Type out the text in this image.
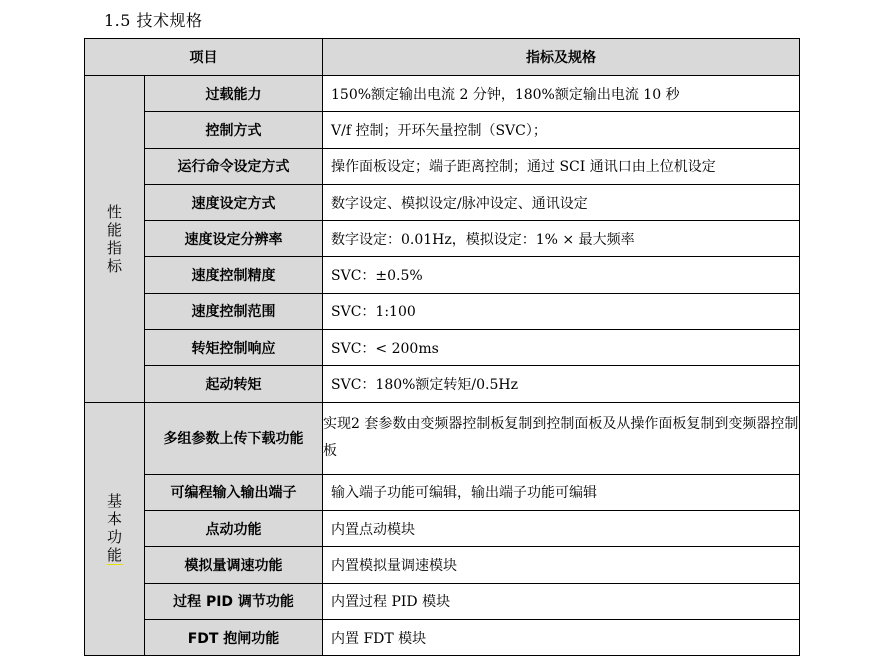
1.5 技术规格
项目		指标及规格
性能指标	过载能力	150%额定输出电流 2 分钟，180%额定输出电流 10 秒
	控制方式	V/f 控制；开环矢量控制（SVC）；
	运行命令设定方式	操作面板设定；端子距离控制；通过 SCI 通讯口由上位机设定
	速度设定方式	数字设定、模拟设定/脉冲设定、通讯设定
	速度设定分辨率	数字设定：0.01Hz，模拟设定：1% × 最大频率
	速度控制精度	SVC：±0.5%
	速度控制范围	SVC：1:100
	转矩控制响应	SVC：< 200ms
	起动转矩	SVC：180%额定转矩/0.5Hz
基本功能	多组参数上传下载功能	实现2 套参数由变频器控制板复制到控制面板及从操作面板复制到变频器控制板
	可编程输入输出端子	输入端子功能可编辑，输出端子功能可编辑
	点动功能	内置点动模块
	模拟量调速功能	内置模拟量调速模块
	过程 PID 调节功能	内置过程 PID 模块
	FDT 抱闸功能	内置 FDT 模块
